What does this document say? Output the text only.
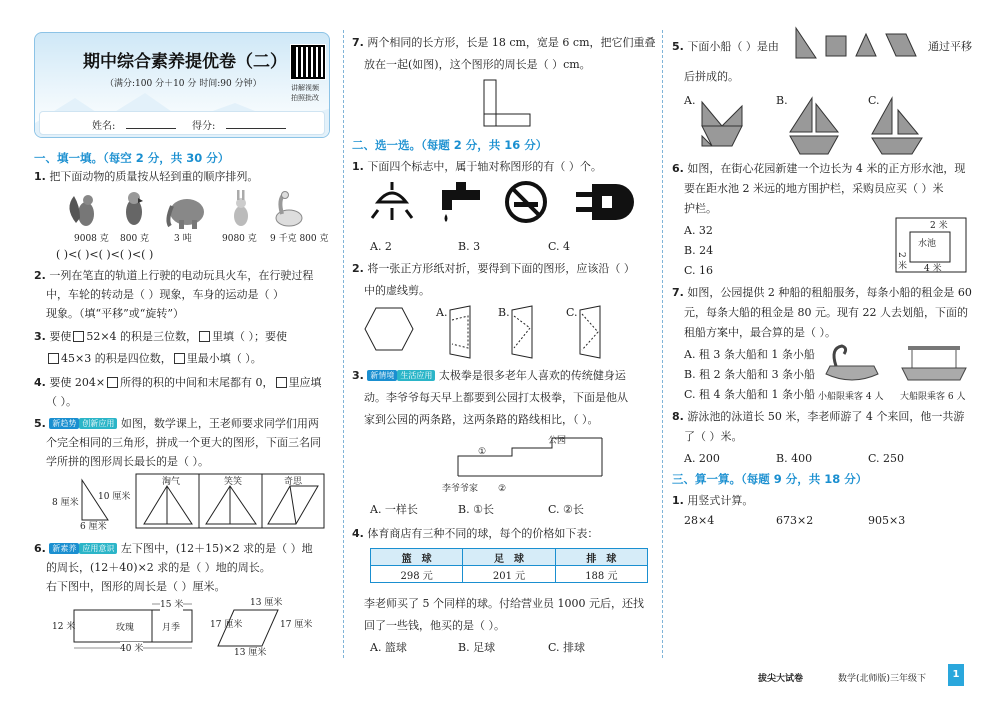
期中综合素养提优卷（二）
（满分:100 分＋10 分 时间:90 分钟）	讲解视频
拍照批改
姓名:	得分:
一、填一填。（每空 2 分，共 30 分）
1. 把下面动物的质量按从轻到重的顺序排列。
9008 克 800 克	3 吨	9080 克 9 千克 800 克
( )<( )<( )<( )<( )
2. 一列在笔直的轨道上行驶的电动玩具火车，在行驶过程
中，车轮的转动是（ ）现象，车身的运动是（ ）
现象。（填“平移”或“旋转”）
3. 要使 52×4 的积是三位数， 里填（ ）；要使
45×3 的积是四位数， 里最小填（ ）。
4. 要使 204× 所得的积的中间和末尾都有 0， 里应填
（ ）。
5. 新趋势 创新应用 如图，数学课上，王老师要求同学们用两
个完全相同的三角形，拼成一个更大的图形，下面三名同
学所拼的图形周长最长的是（ ）。
8 厘米
10 厘米
6 厘米
淘气	笑笑	奇思
6. 新素养 应用意识 左下图中，(12＋15)×2 求的是（ ）地
的周长，(12＋40)×2 求的是（ ）地的周长。
右下图中，图形的周长是（ ）厘米。
15 米
12 米	玫瑰	月季
40 米
13 厘米
17 厘米	17 厘米
13 厘米
7. 两个相同的长方形，长是 18 cm，宽是 6 cm，把它们重叠
放在一起(如图)，这个图形的周长是（ ）cm。
二、选一选。（每题 2 分，共 16 分）
1. 下面四个标志中，属于轴对称图形的有（ ）个。
A. 2	B. 3	C. 4
2. 将一张正方形纸对折，要得到下面的图形，应该沿（ ）
中的虚线剪。
A.	B.	C.
3. 新情境 生活应用 太极拳是很多老年人喜欢的传统健身运
动。李爷爷每天早上都要到公园打太极拳，下面是他从
家到公园的两条路，这两条路的路线相比，（ ）。
公园
①
②
李爷爷家
A. 一样长	B. ①长	C. ②长
4. 体育商店有三种不同的球，每个的价格如下表：
篮　球	足　球	排　球
298 元	201 元	188 元
李老师买了 5 个同样的球。付给营业员 1000 元后，还找
回了一些钱，他买的是（ ）。
A. 篮球	B. 足球	C. 排球
5. 下面小船（ ）是由	通过平移
后拼成的。
A.	B.	C.
6. 如图，在街心花园新建一个边长为 4 米的正方形水池，现
要在距水池 2 米远的地方围护栏，采购员应买（ ）米
护栏。
A. 32
B. 24
C. 16
水池
2 米
2 米 4 米
7. 如图，公园提供 2 种船的租船服务，每条小船的租金是 60
元，每条大船的租金是 80 元。现有 22 人去划船，下面的
租船方案中，最合算的是（ ）。
A. 租 3 条大船和 1 条小船
B. 租 2 条大船和 3 条小船
C. 租 4 条大船和 1 条小船 小船限乘客 4 人 大船限乘客 6 人
8. 游泳池的泳道长 50 米，李老师游了 4 个来回，他一共游
了（ ）米。
A. 200	B. 400	C. 250
三、算一算。（每题 9 分，共 18 分）
1. 用竖式计算。
28×4	673×2	905×3
拔尖大试卷	数学(北师版)三年级下	1
